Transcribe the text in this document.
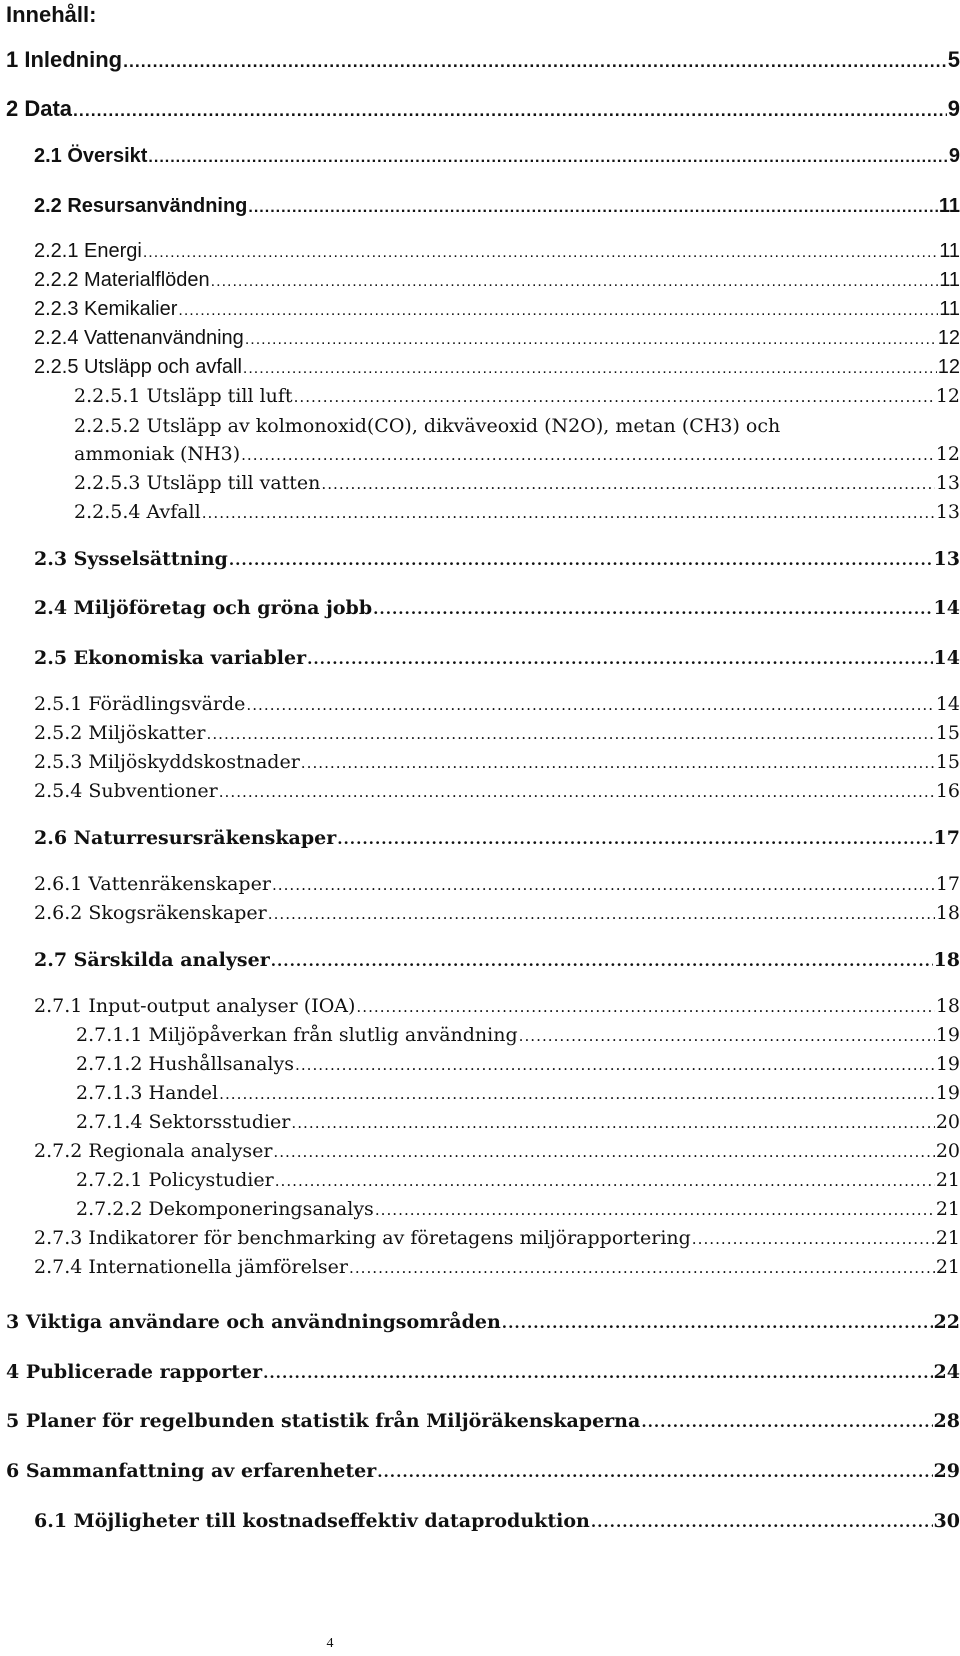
Innehåll:
1 Inledning .....	5
2 Data .....	9
2.1 Översikt .....	9
2.2 Resursanvändning .....	11
2.2.1 Energi .....	11
2.2.2 Materialflöden .....	11
2.2.3 Kemikalier .....	11
2.2.4 Vattenanvändning .....	12
2.2.5 Utsläpp och avfall .....	12
2.2.5.1 Utsläpp till luft .....	12
2.2.5.2 Utsläpp av kolmonoxid(CO), dikväveoxid (N2O), metan (CH3) och
ammoniak (NH3) .....	12
2.2.5.3 Utsläpp till vatten .....	13
2.2.5.4 Avfall .....	13
2.3 Sysselsättning .....	13
2.4 Miljöföretag och gröna jobb .....	14
2.5 Ekonomiska variabler .....	14
2.5.1 Förädlingsvärde .....	14
2.5.2 Miljöskatter .....	15
2.5.3 Miljöskyddskostnader .....	15
2.5.4 Subventioner .....	16
2.6 Naturresursräkenskaper .....	17
2.6.1 Vattenräkenskaper .....	17
2.6.2 Skogsräkenskaper .....	18
2.7 Särskilda analyser .....	18
2.7.1 Input-output analyser (IOA) .....	18
2.7.1.1 Miljöpåverkan från slutlig användning .....	19
2.7.1.2 Hushållsanalys .....	19
2.7.1.3 Handel .....	19
2.7.1.4 Sektorsstudier .....	20
2.7.2 Regionala analyser .....	20
2.7.2.1 Policystudier .....	21
2.7.2.2 Dekomponeringsanalys .....	21
2.7.3 Indikatorer för benchmarking av företagens miljörapportering .....	21
2.7.4 Internationella jämförelser .....	21
3 Viktiga användare och användningsområden .....	22
4 Publicerade rapporter .....	24
5 Planer för regelbunden statistik från Miljöräkenskaperna .....	28
6 Sammanfattning av erfarenheter .....	29
6.1 Möjligheter till kostnadseffektiv dataproduktion .....	30
4
